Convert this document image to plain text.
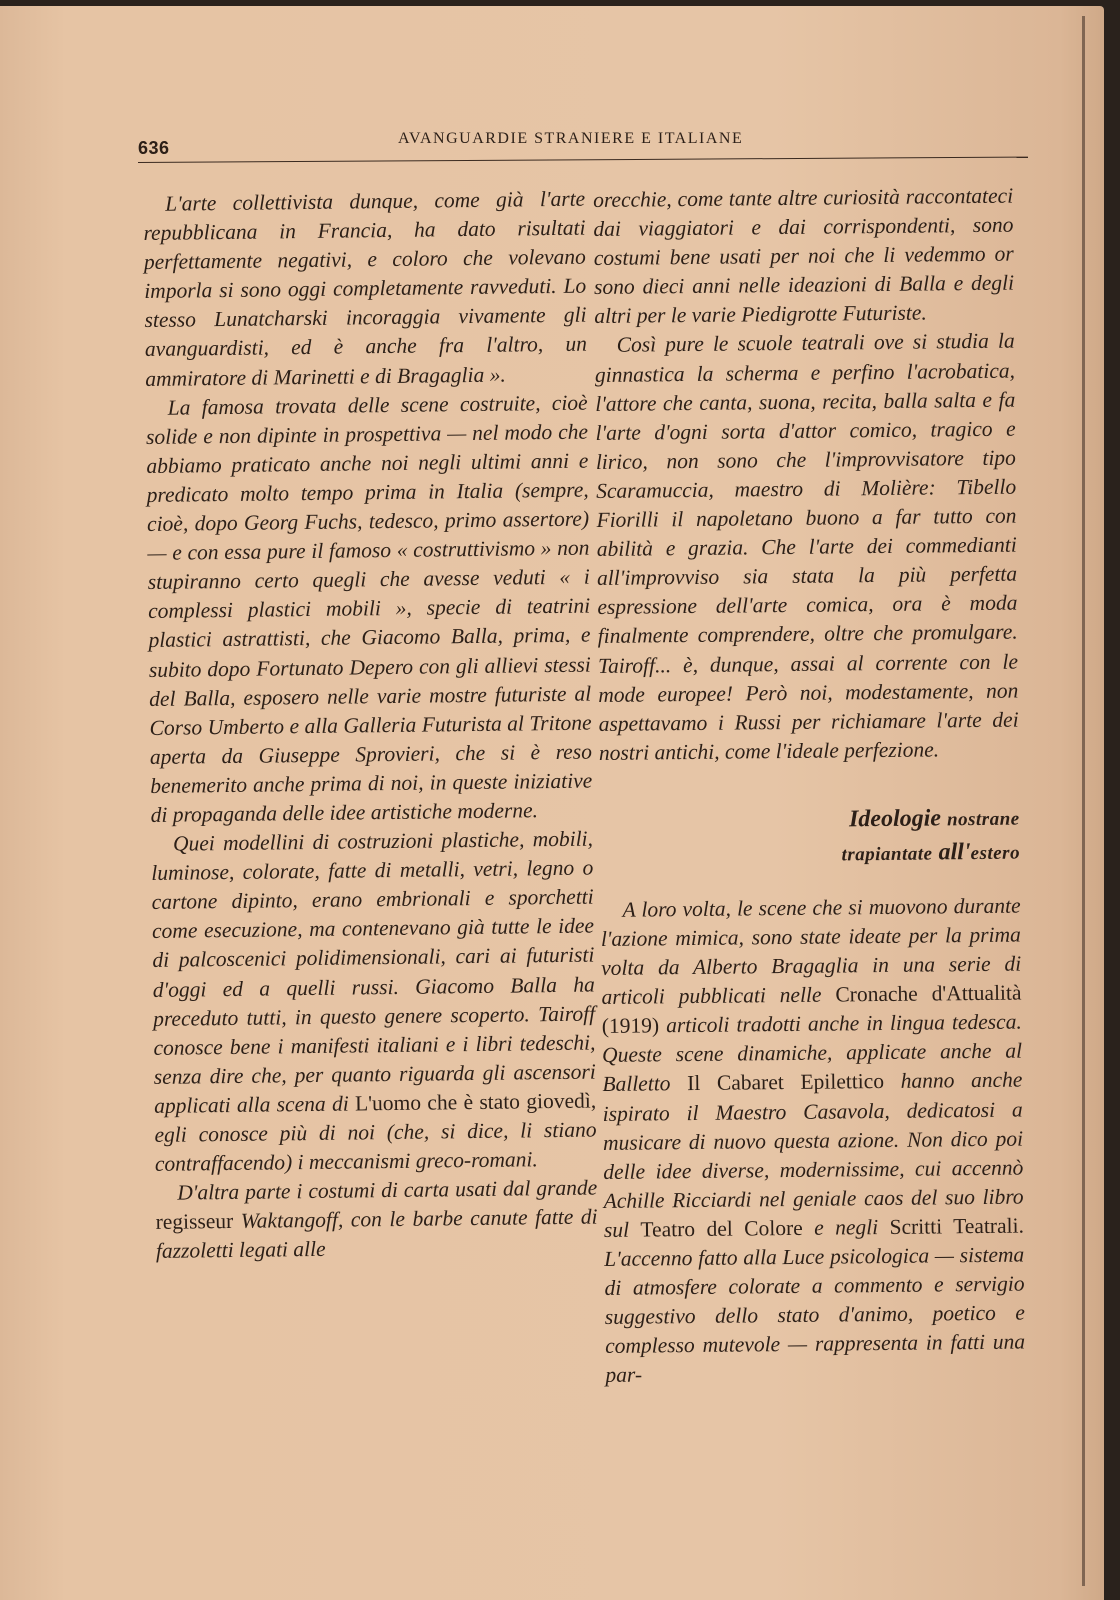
636	AVANGUARDIE STRANIERE E ITALIANE

L'arte collettivista dunque, come già l'arte repubblicana in Francia, ha dato risultati perfettamente negativi, e coloro che volevano imporla si sono oggi completamente ravveduti. Lo stesso Lunatcharski incoraggia vivamente gli avanguardisti, ed è anche fra l'altro, un ammiratore di Marinetti e di Bragaglia ».

La famosa trovata delle scene costruite, cioè solide e non dipinte in prospettiva — nel modo che abbiamo praticato anche noi negli ultimi anni e predicato molto tempo prima in Italia (sempre, cioè, dopo Georg Fuchs, tedesco, primo assertore) — e con essa pure il famoso « costruttivismo » non stupiranno certo quegli che avesse veduti « i complessi plastici mobili », specie di teatrini plastici astrattisti, che Giacomo Balla, prima, e subito dopo Fortunato Depero con gli allievi stessi del Balla, esposero nelle varie mostre futuriste al Corso Umberto e alla Galleria Futurista al Tritone aperta da Giuseppe Sprovieri, che si è reso benemerito anche prima di noi, in queste iniziative di propaganda delle idee artistiche moderne.

Quei modellini di costruzioni plastiche, mobili, luminose, colorate, fatte di metalli, vetri, legno o cartone dipinto, erano embrionali e sporchetti come esecuzione, ma contenevano già tutte le idee di palcoscenici polidimensionali, cari ai futuristi d'oggi ed a quelli russi. Giacomo Balla ha preceduto tutti, in questo genere scoperto. Tairoff conosce bene i manifesti italiani e i libri tedeschi, senza dire che, per quanto riguarda gli ascensori applicati alla scena di L'uomo che è stato giovedì, egli conosce più di noi (che, si dice, li stiano contraffacendo) i meccanismi greco-romani.

D'altra parte i costumi di carta usati dal grande regisseur Waktangoff, con le barbe canute fatte di fazzoletti legati alle

orecchie, come tante altre curiosità raccontateci dai viaggiatori e dai corrispondenti, sono costumi bene usati per noi che li vedemmo or sono dieci anni nelle ideazioni di Balla e degli altri per le varie Piedigrotte Futuriste.

Così pure le scuole teatrali ove si studia la ginnastica la scherma e perfino l'acrobatica, l'attore che canta, suona, recita, balla salta e fa l'arte d'ogni sorta d'attor comico, tragico e lirico, non sono che l'improvvisatore tipo Scaramuccia, maestro di Molière: Tibello Fiorilli il napoletano buono a far tutto con abilità e grazia. Che l'arte dei commedianti all'improvviso sia stata la più perfetta espressione dell'arte comica, ora è moda finalmente comprendere, oltre che promulgare. Tairoff... è, dunque, assai al corrente con le mode europee! Però noi, modestamente, non aspettavamo i Russi per richiamare l'arte dei nostri antichi, come l'ideale perfezione.

Ideologie nostrane
trapiantate all'estero

A loro volta, le scene che si muovono durante l'azione mimica, sono state ideate per la prima volta da Alberto Bragaglia in una serie di articoli pubblicati nelle Cronache d'Attualità (1919) articoli tradotti anche in lingua tedesca. Queste scene dinamiche, applicate anche al Balletto Il Cabaret Epilettico hanno anche ispirato il Maestro Casavola, dedicatosi a musicare di nuovo questa azione. Non dico poi delle idee diverse, modernissime, cui accennò Achille Ricciardi nel geniale caos del suo libro sul Teatro del Colore e negli Scritti Teatrali. L'accenno fatto alla Luce psicologica — sistema di atmosfere colorate a commento e servigio suggestivo dello stato d'animo, poetico e complesso mutevole — rappresenta in fatti una par-
